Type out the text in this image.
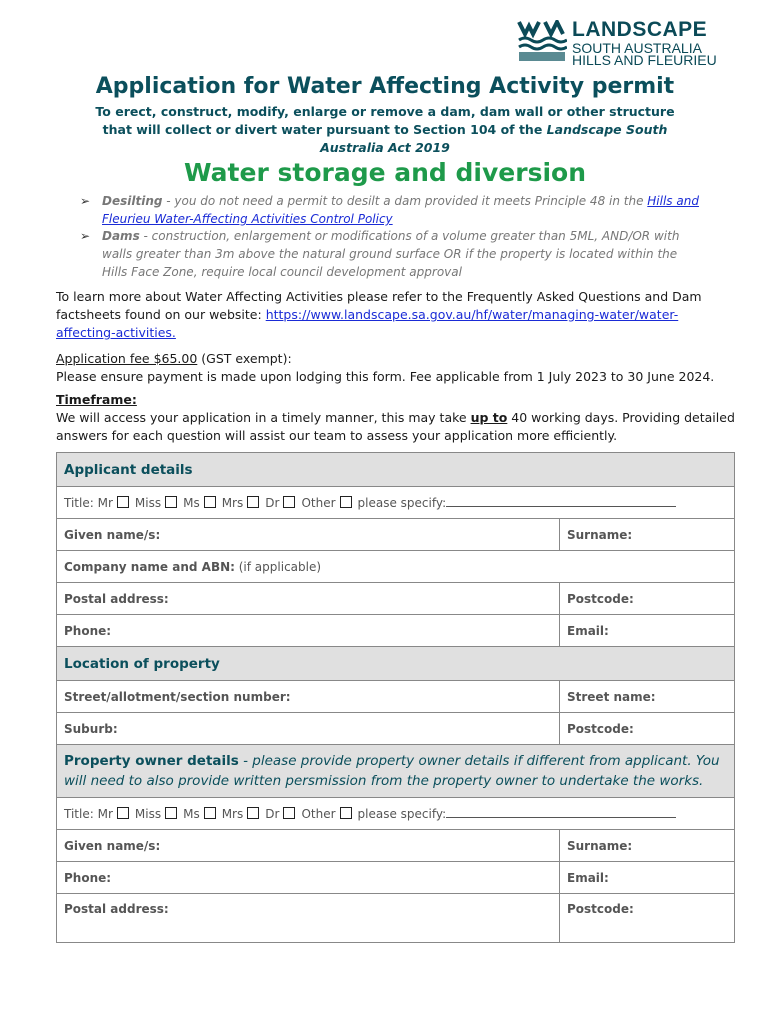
LANDSCAPE
SOUTH AUSTRALIA
HILLS AND FLEURIEU
Application for Water Affecting Activity permit
To erect, construct, modify, enlarge or remove a dam, dam wall or other structure that will collect or divert water pursuant to Section 104 of the Landscape South Australia Act 2019
Water storage and diversion
➢ Desilting - you do not need a permit to desilt a dam provided it meets Principle 48 in the Hills and Fleurieu Water-Affecting Activities Control Policy
➢ Dams - construction, enlargement or modifications of a volume greater than 5ML, AND/OR with walls greater than 3m above the natural ground surface OR if the property is located within the Hills Face Zone, require local council development approval
To learn more about Water Affecting Activities please refer to the Frequently Asked Questions and Dam factsheets found on our website: https://www.landscape.sa.gov.au/hf/water/managing-water/water-affecting-activities.
Application fee $65.00 (GST exempt):
Please ensure payment is made upon lodging this form. Fee applicable from 1 July 2023 to 30 June 2024.
Timeframe:
We will access your application in a timely manner, this may take up to 40 working days. Providing detailed answers for each question will assist our team to assess your application more efficiently.
Applicant details	
Title: Mr Miss Ms Mrs Dr Other please specify:	
Given name/s:	Surname:
Company name and ABN: (if applicable)	
Postal address:	Postcode:
Phone:	Email:
Location of property	
Street/allotment/section number:	Street name:
Suburb:	Postcode:
Property owner details - please provide property owner details if different from applicant. You will need to also provide written persmission from the property owner to undertake the works.	
Title: Mr Miss Ms Mrs Dr Other please specify:	
Given name/s:	Surname:
Phone:	Email:
Postal address:	Postcode:
